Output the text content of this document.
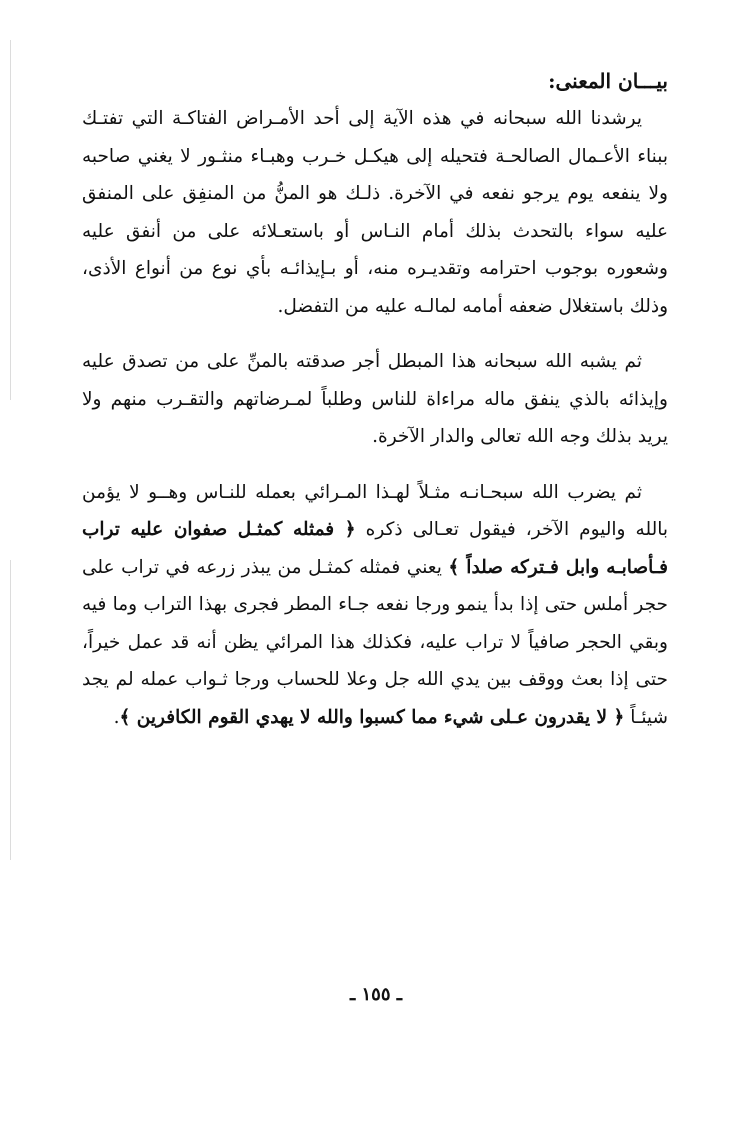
بيـــان المعنى:

يرشدنا الله سبحانه في هذه الآية إلى أحد الأمـراض الفتاكـة التي تفتـك ببناء الأعـمال الصالحـة فتحيله إلى هيكـل خـرب وهبـاء منثـور لا يغني صاحبه ولا ينفعه يوم يرجو نفعه في الآخرة. ذلـك هو المنُّ من المنفِق على المنفق عليه سواء بالتحدث بذلك أمام النـاس أو باستعـلائه على من أنفق عليه وشعوره بوجوب احترامه وتقديـره منه، أو بـإيذائـه بأي نوع من أنواع الأذى، وذلك باستغلال ضعفه أمامه لمالـه عليه من التفضل.

ثم يشبه الله سبحانه هذا المبطل أجر صدقته بالمنِّ على من تصدق عليه وإيذائه بالذي ينفق ماله مراءاة للناس وطلباً لمـرضاتهم والتقـرب منهم ولا يريد بذلك وجه الله تعالى والدار الآخرة.

ثم يضرب الله سبحـانـه مثـلاً لهـذا المـرائي بعمله للنـاس وهــو لا يؤمن بالله واليوم الآخر، فيقول تعـالى ذكره ﴿ فمثله كمثـل صفوان عليه تراب فـأصابـه وابل فـتركه صلداً ﴾ يعني فمثله كمثـل من يبذر زرعه في تراب على حجر أملس حتى إذا بدأ ينمو ورجا نفعه جـاء المطر فجرى بهذا التراب وما فيه وبقي الحجر صافياً لا تراب عليه، فكذلك هذا المرائي يظن أنه قد عمل خيراً، حتى إذا بعث ووقف بين يدي الله جل وعلا للحساب ورجا ثـواب عمله لم يجد شيئـاً ﴿ لا يقدرون عـلى شيء مما كسبوا والله لا يهدي القوم الكافرين ﴾.

ـ ١٥٥ ـ
